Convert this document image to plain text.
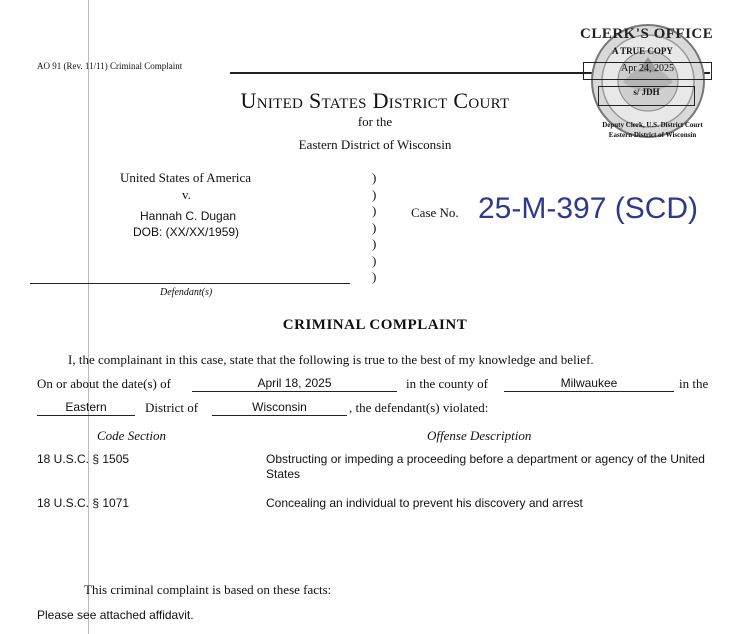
AO 91 (Rev. 11/11) Criminal Complaint
CLERK'S OFFICE
A TRUE COPY
Apr 24, 2025
s/ JDH
Deputy Clerk, U.S. District Court
Eastern District of Wisconsin
United States District Court
for the
Eastern District of Wisconsin
United States of America
v.
Hannah C. Dugan
DOB: (XX/XX/1959)
)
)
)
)
)
)
)
Case No. 25-M-397 (SCD)
Defendant(s)
CRIMINAL COMPLAINT
I, the complainant in this case, state that the following is true to the best of my knowledge and belief.
On or about the date(s) of	April 18, 2025	in the county of	Milwaukee	in the
Eastern	District of	Wisconsin	, the defendant(s) violated:
Code Section	Offense Description
18 U.S.C. § 1505	Obstructing or impeding a proceeding before a department or agency of the United States
18 U.S.C. § 1071	Concealing an individual to prevent his discovery and arrest
This criminal complaint is based on these facts:
Please see attached affidavit.
